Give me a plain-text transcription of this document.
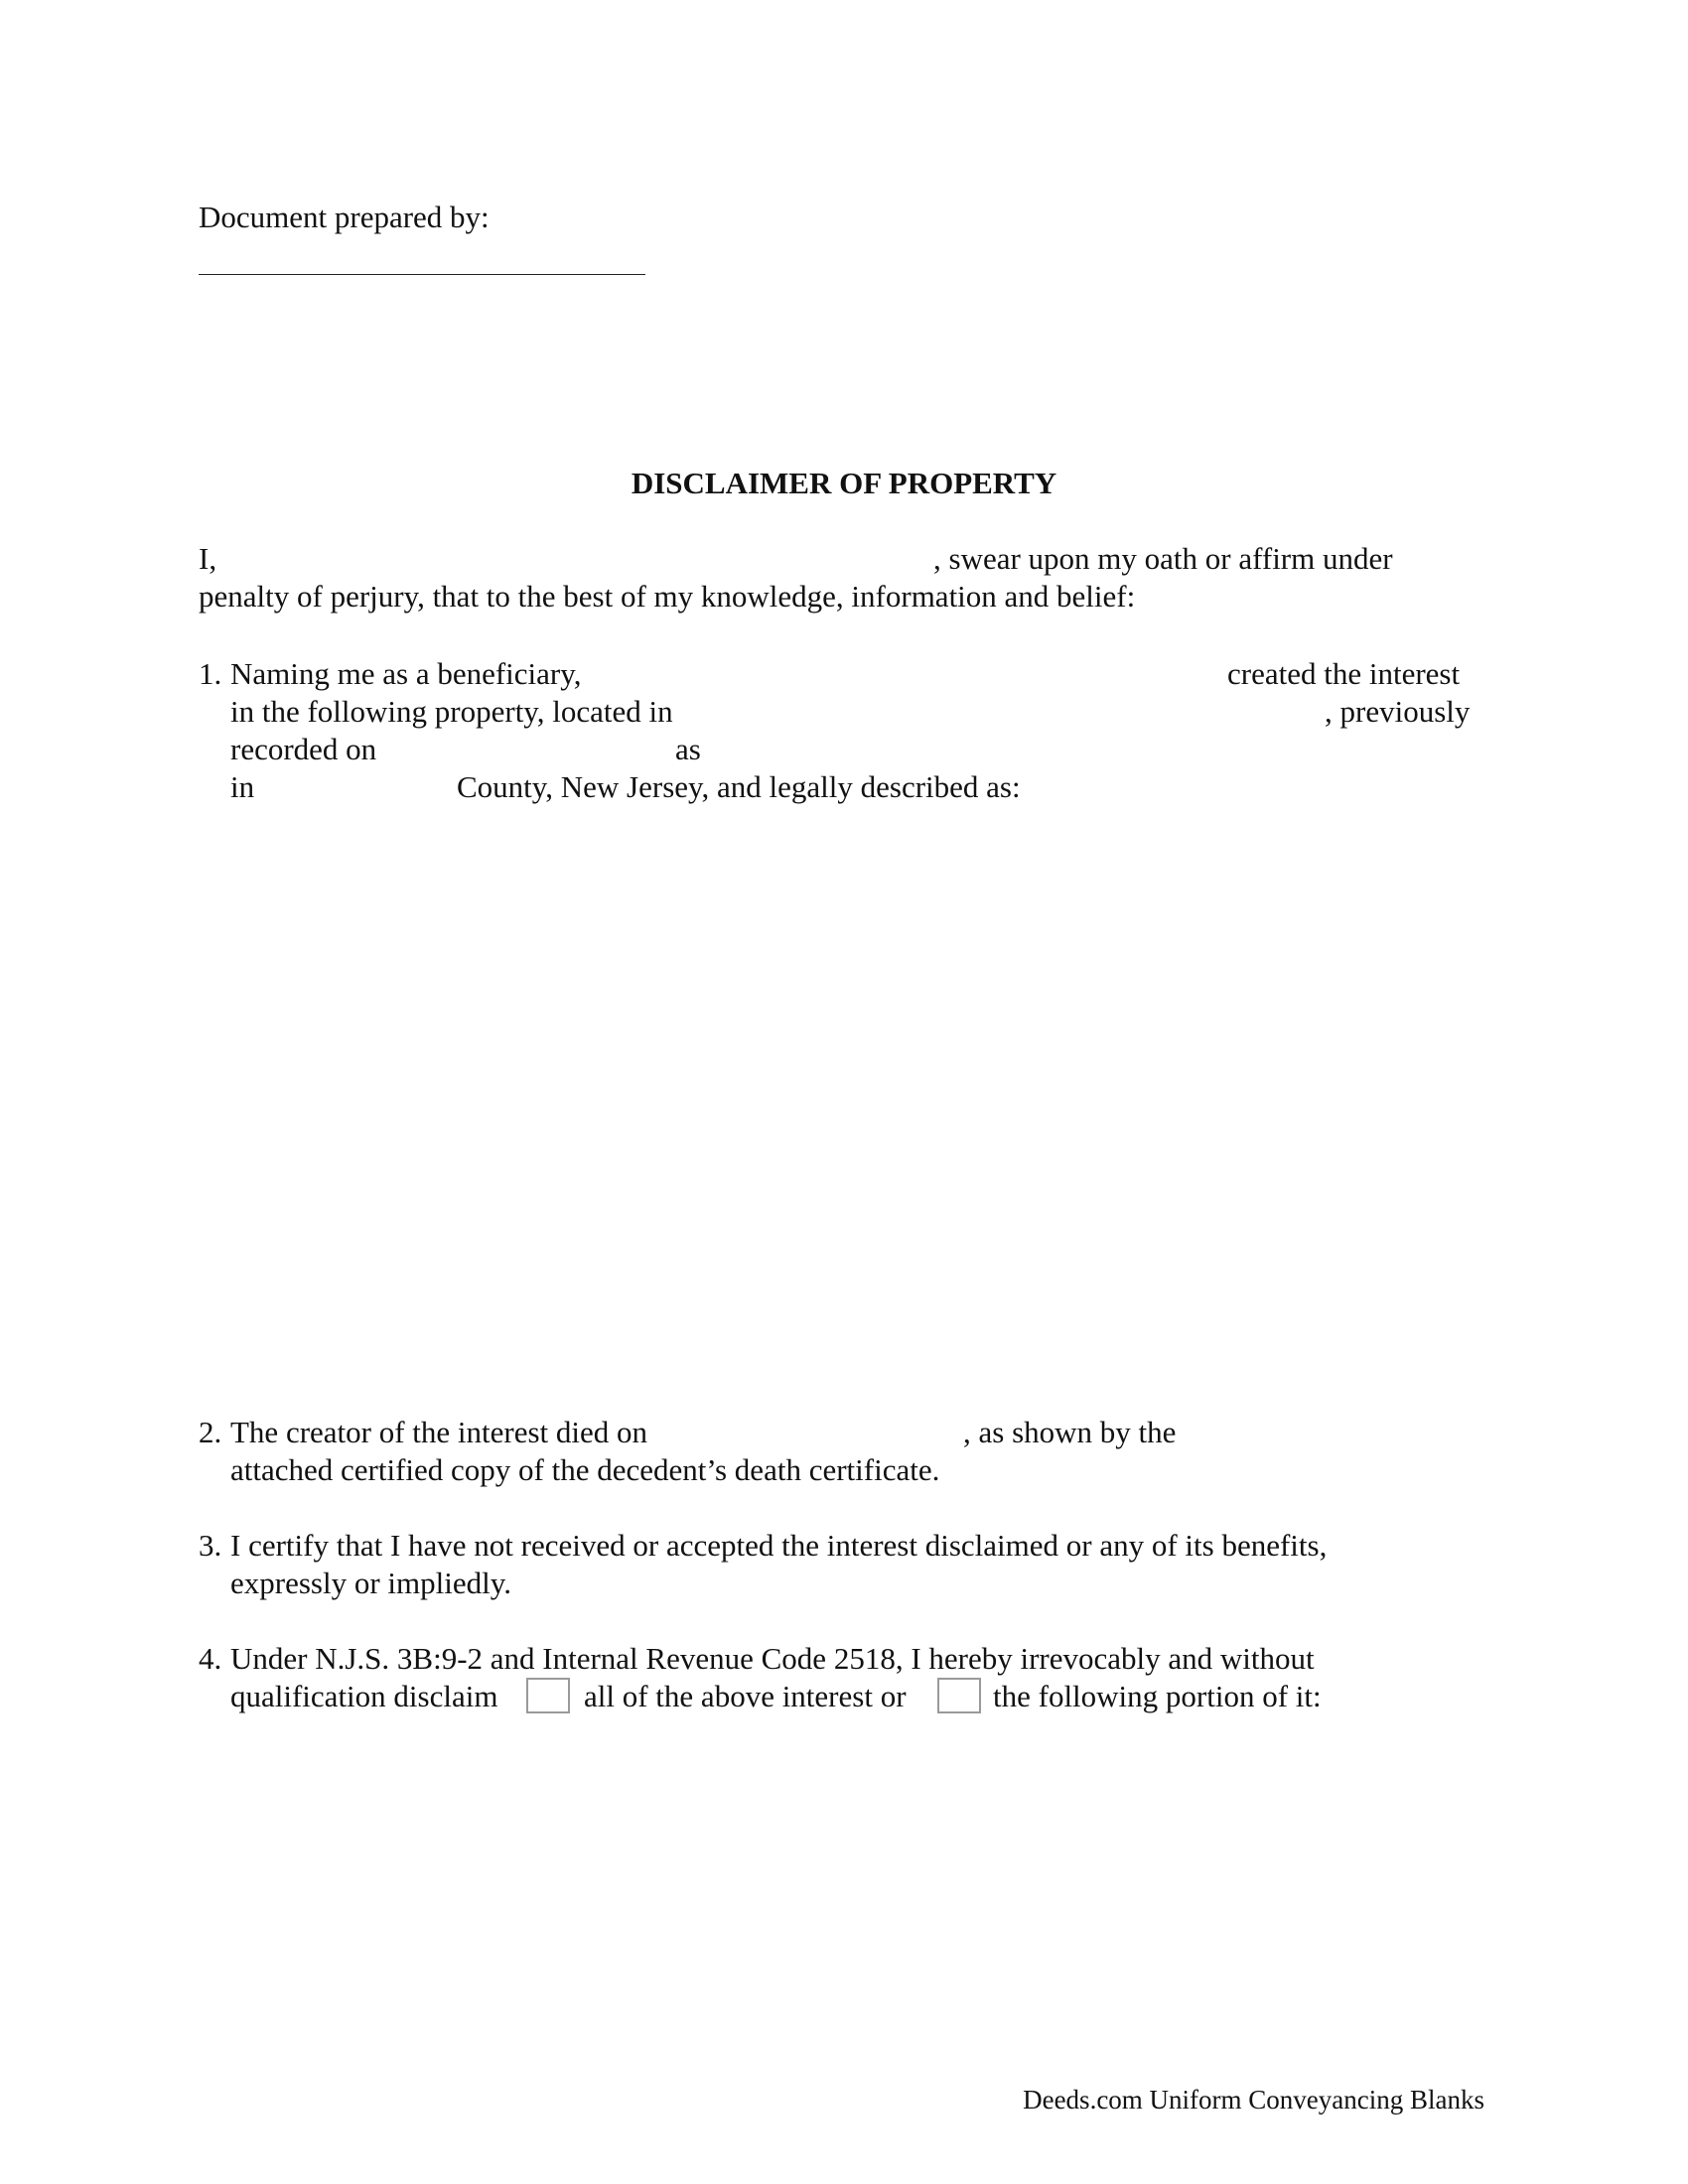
Document prepared by:
DISCLAIMER OF PROPERTY
I,	, swear upon my oath or affirm under
penalty of perjury, that to the best of my knowledge, information and belief:
1. Naming me as a beneficiary,	created the interest
in the following property, located in	, previously
recorded on	as
in	County, New Jersey, and legally described as:
2. The creator of the interest died on	, as shown by the
attached certified copy of the decedent’s death certificate.
3. I certify that I have not received or accepted the interest disclaimed or any of its benefits,
expressly or impliedly.
4. Under N.J.S. 3B:9-2 and Internal Revenue Code 2518, I hereby irrevocably and without
qualification disclaim	all of the above interest or	the following portion of it:
Deeds.com Uniform Conveyancing Blanks
